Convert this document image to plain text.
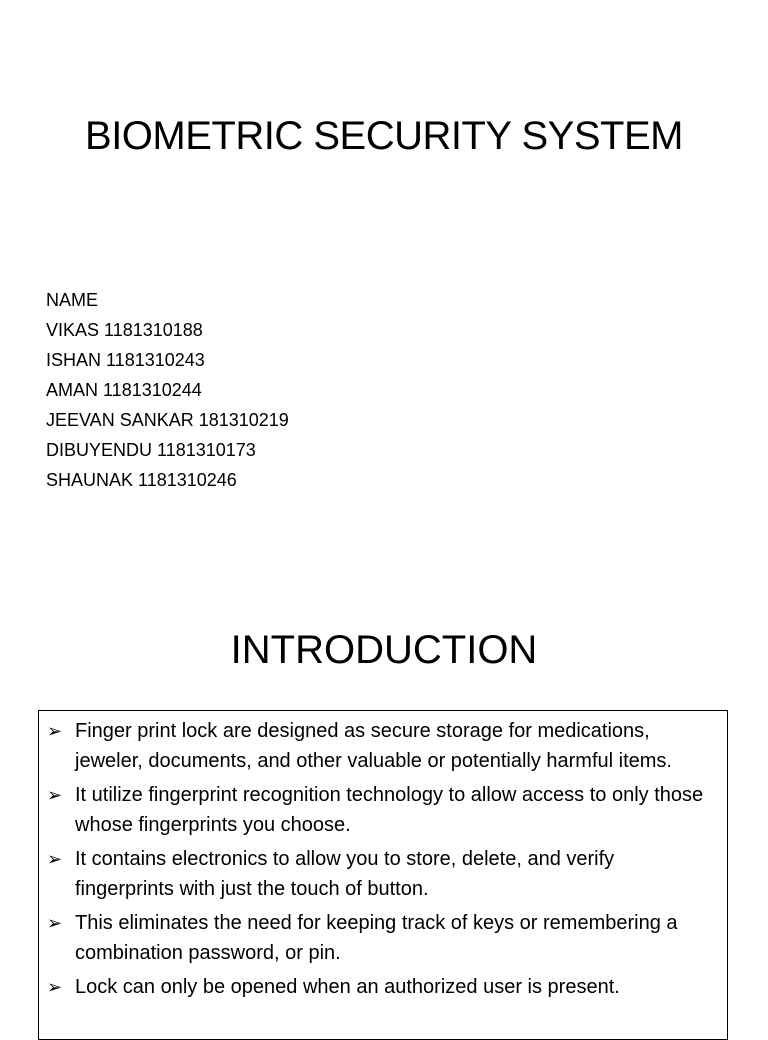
BIOMETRIC SECURITY SYSTEM
NAME
VIKAS 1181310188
ISHAN 1181310243
AMAN 1181310244
JEEVAN SANKAR 181310219
DIBUYENDU 1181310173
SHAUNAK 1181310246
INTRODUCTION
➢ Finger print lock are designed as secure storage for medications, jeweler, documents, and other valuable or potentially harmful items.
➢ It utilize fingerprint recognition technology to allow access to only those whose fingerprints you choose.
➢ It contains electronics to allow you to store, delete, and verify fingerprints with just the touch of button.
➢ This eliminates the need for keeping track of keys or remembering a combination password, or pin.
➢ Lock can only be opened when an authorized user is present.
